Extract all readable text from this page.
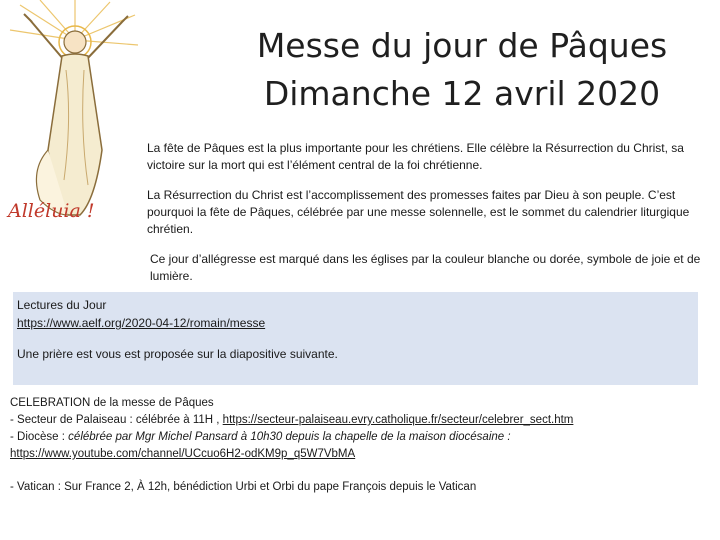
Alléluia !
Messe du jour de Pâques
Dimanche 12 avril 2020

La fête de Pâques est la plus importante pour les chrétiens. Elle célèbre la Résurrection du Christ, sa victoire sur la mort qui est l’élément central de la foi chrétienne.

La Résurrection du Christ est l’accomplissement des promesses faites par Dieu à son peuple. C’est pourquoi la fête de Pâques, célébrée par une messe solennelle, est le sommet du calendrier liturgique chrétien.

Ce jour d’allégresse est marqué dans les églises par la couleur blanche ou dorée, symbole de joie et de lumière.

Lectures du Jour
https://www.aelf.org/2020-04-12/romain/messe
Une prière est vous est proposée sur la diapositive suivante.
CELEBRATION de la messe de Pâques
- Secteur de Palaiseau : célébrée à 11H , https://secteur-palaiseau.evry.catholique.fr/secteur/celebrer_sect.htm
- Diocèse : célébrée par Mgr Michel Pansard à 10h30 depuis la chapelle de la maison diocésaine :
https://www.youtube.com/channel/UCcuo6H2-odKM9p_q5W7VbMA
- Vatican : Sur France 2, À 12h, bénédiction Urbi et Orbi du pape François depuis le Vatican
